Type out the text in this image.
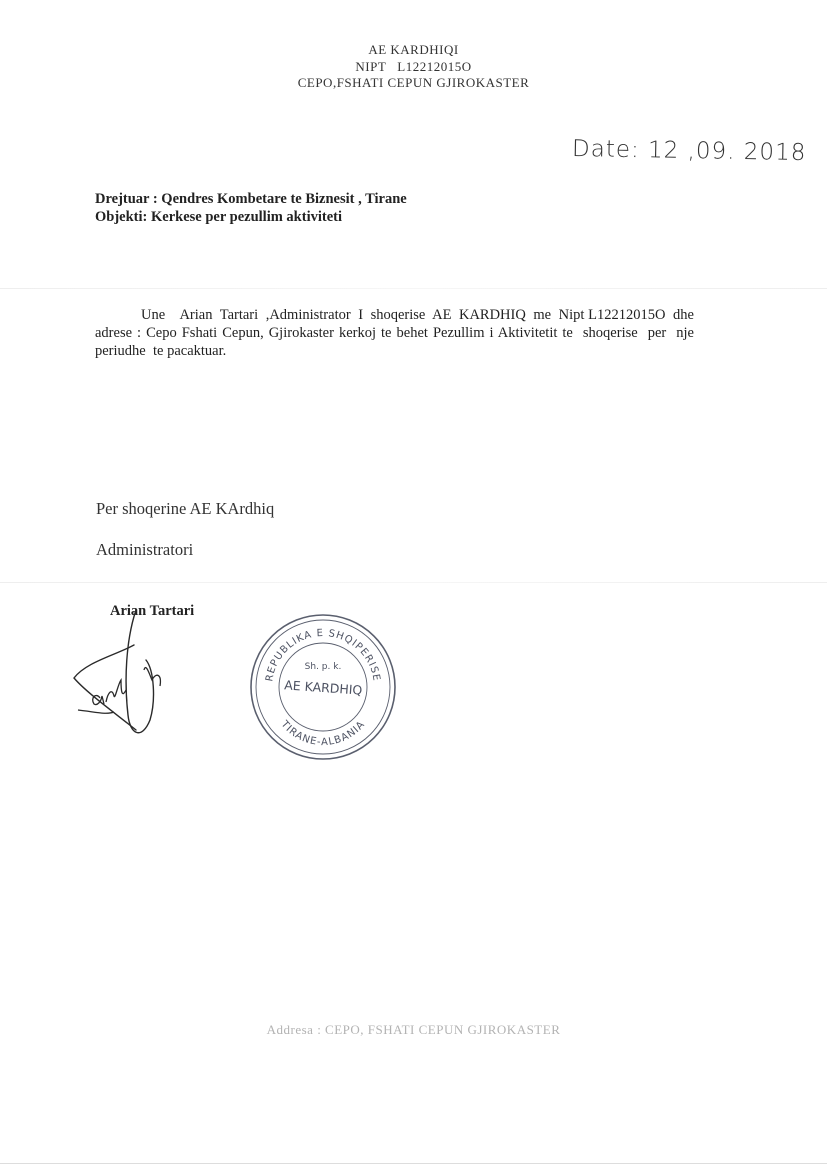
AE KARDHIQI
NIPT   L12212015O
CEPO,FSHATI CEPUN GJIROKASTER
Date: 12 ,09. 2018
Drejtuar : Qendres Kombetare te Biznesit , Tirane
Objekti: Kerkese per pezullim aktiviteti
Une    Arian  Tartari  ,Administrator  I  shoqerise  AE  KARDHIQ  me  Nipt L12212015O  dhe adrese : Cepo Fshati Cepun, Gjirokaster kerkoj te behet Pezullim i Aktivitetit te  shoqerise  per  nje  periudhe  te pacaktuar.
Per shoqerine AE KArdhiq
Administratori
Arian Tartari
REPUBLIKA E SHQIPERISE
TIRANE-ALBANIA
Sh. p. k.
AE KARDHIQ
Addresa : CEPO, FSHATI CEPUN GJIROKASTER
